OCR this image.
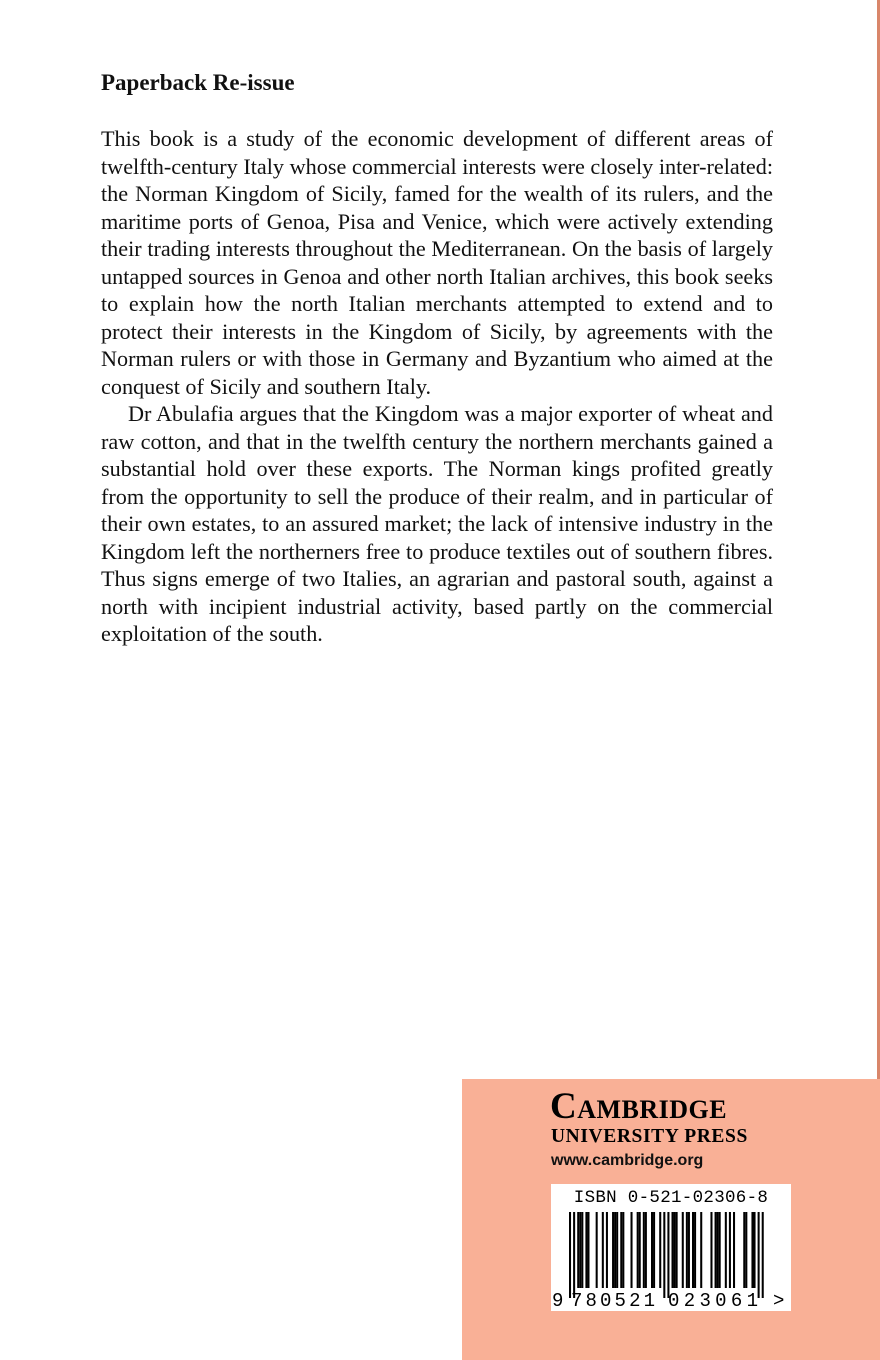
Paperback Re-issue

This book is a study of the economic development of different areas of twelfth-century Italy whose commercial interests were closely inter-related: the Norman Kingdom of Sicily, famed for the wealth of its rulers, and the maritime ports of Genoa, Pisa and Venice, which were actively extending their trading interests throughout the Mediterranean. On the basis of largely untapped sources in Genoa and other north Italian archives, this book seeks to explain how the north Italian merchants attempted to extend and to protect their interests in the Kingdom of Sicily, by agreements with the Norman rulers or with those in Germany and Byzantium who aimed at the conquest of Sicily and southern Italy.

Dr Abulafia argues that the Kingdom was a major exporter of wheat and raw cotton, and that in the twelfth century the northern merchants gained a substantial hold over these exports. The Norman kings profited greatly from the opportunity to sell the produce of their realm, and in particular of their own estates, to an assured market; the lack of intensive industry in the Kingdom left the northerners free to produce textiles out of southern fibres. Thus signs emerge of two Italies, an agrarian and pastoral south, against a north with incipient industrial activity, based partly on the commercial exploitation of the south.

Cambridge
UNIVERSITY PRESS
www.cambridge.org
ISBN 0-521-02306-8
9 780521 023061 >
